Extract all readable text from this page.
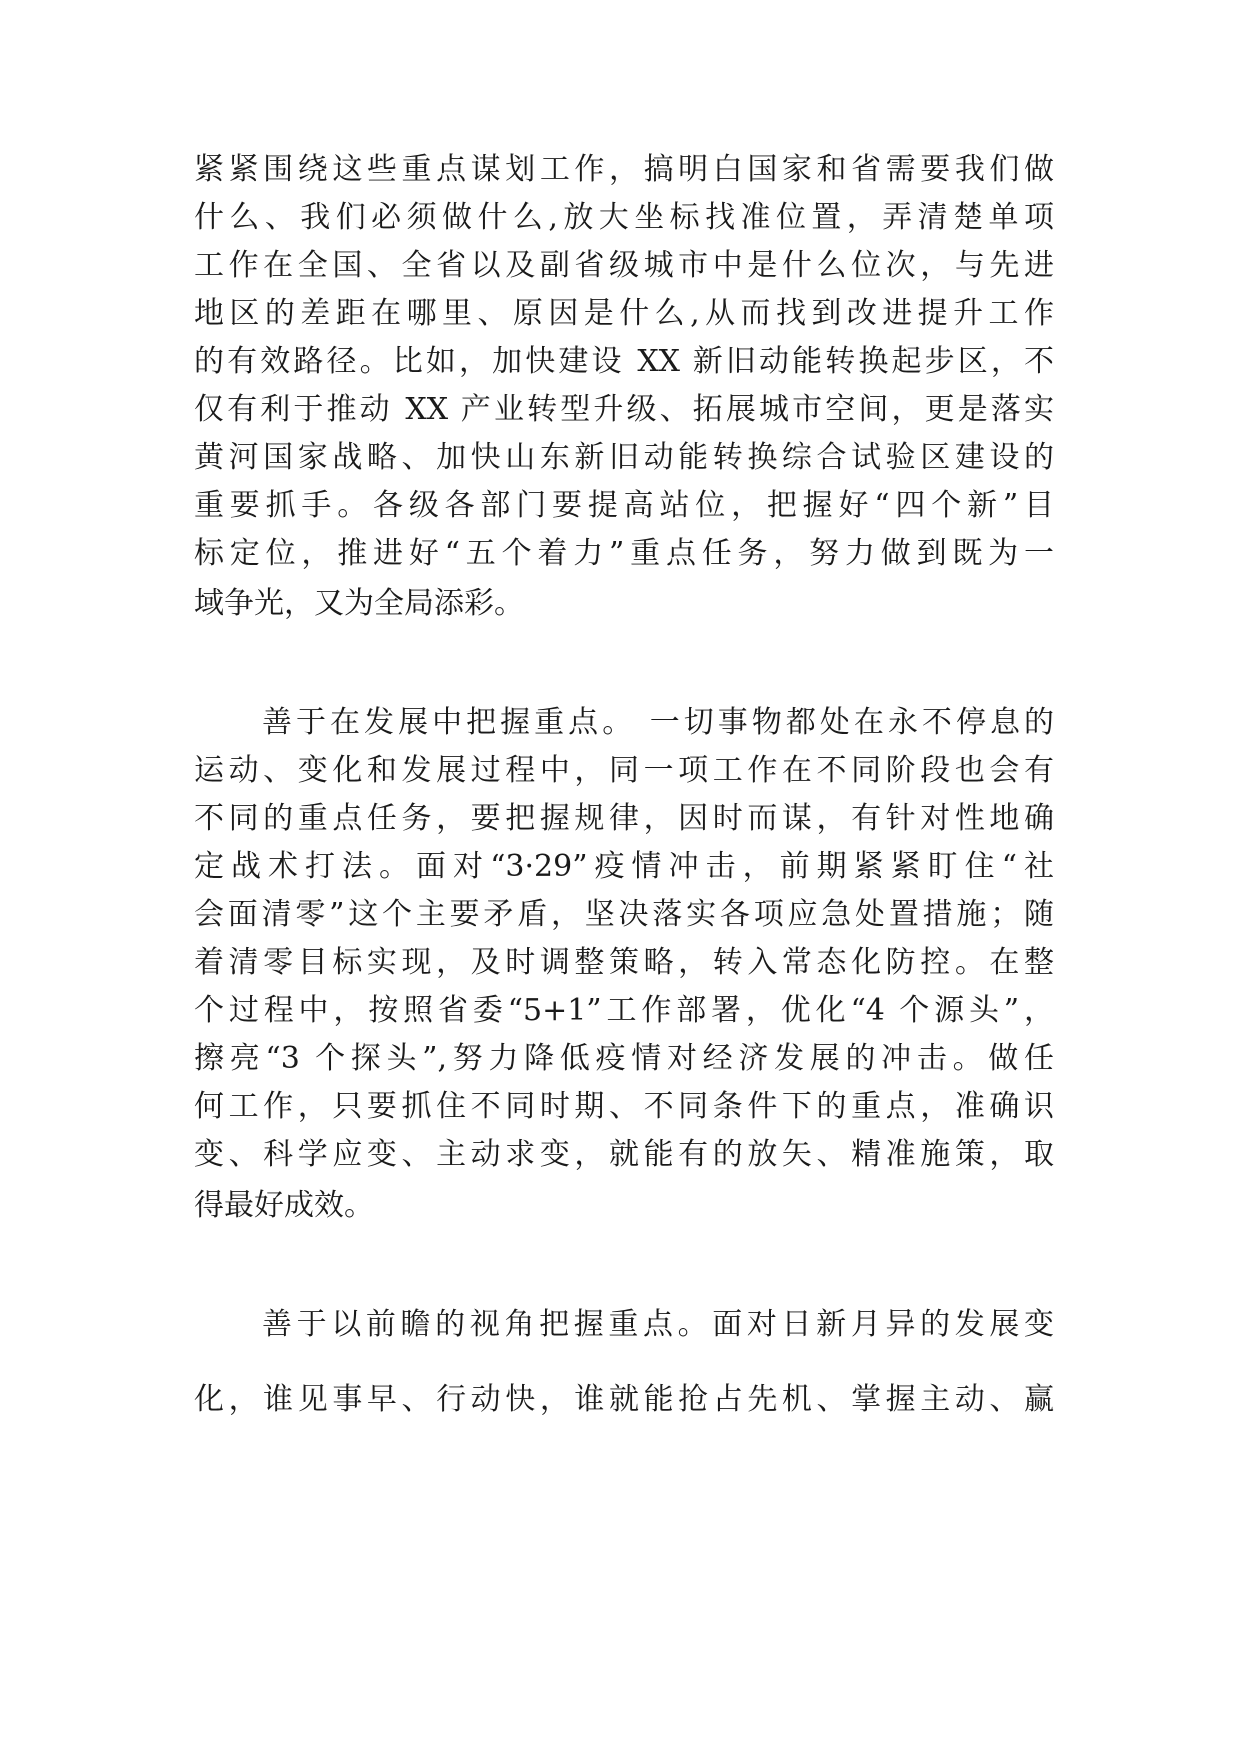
紧紧围绕这些重点谋划工作，搞明白国家和省需要我们做
什么、我们必须做什么,放大坐标找准位置，弄清楚单项
工作在全国、全省以及副省级城市中是什么位次，与先进
地区的差距在哪里、原因是什么,从而找到改进提升工作
的有效路径。比如，加快建设 XX 新旧动能转换起步区，不
仅有利于推动 XX 产业转型升级、拓展城市空间，更是落实
黄河国家战略、加快山东新旧动能转换综合试验区建设的
重要抓手。各级各部门要提高站位，把握好“四个新”目
标定位，推进好“五个着力”重点任务，努力做到既为一
域争光，又为全局添彩。
善于在发展中把握重点。 一切事物都处在永不停息的
运动、变化和发展过程中，同一项工作在不同阶段也会有
不同的重点任务，要把握规律，因时而谋，有针对性地确
定战术打法。面对“3·29”疫情冲击，前期紧紧盯住“社
会面清零”这个主要矛盾，坚决落实各项应急处置措施；随
着清零目标实现，及时调整策略，转入常态化防控。在整
个过程中，按照省委“5+1”工作部署，优化“4 个源头”，
擦亮“3 个探头”,努力降低疫情对经济发展的冲击。做任
何工作，只要抓住不同时期、不同条件下的重点，准确识
变、科学应变、主动求变，就能有的放矢、精准施策，取
得最好成效。
善于以前瞻的视角把握重点。面对日新月异的发展变
化，谁见事早、行动快，谁就能抢占先机、掌握主动、赢
